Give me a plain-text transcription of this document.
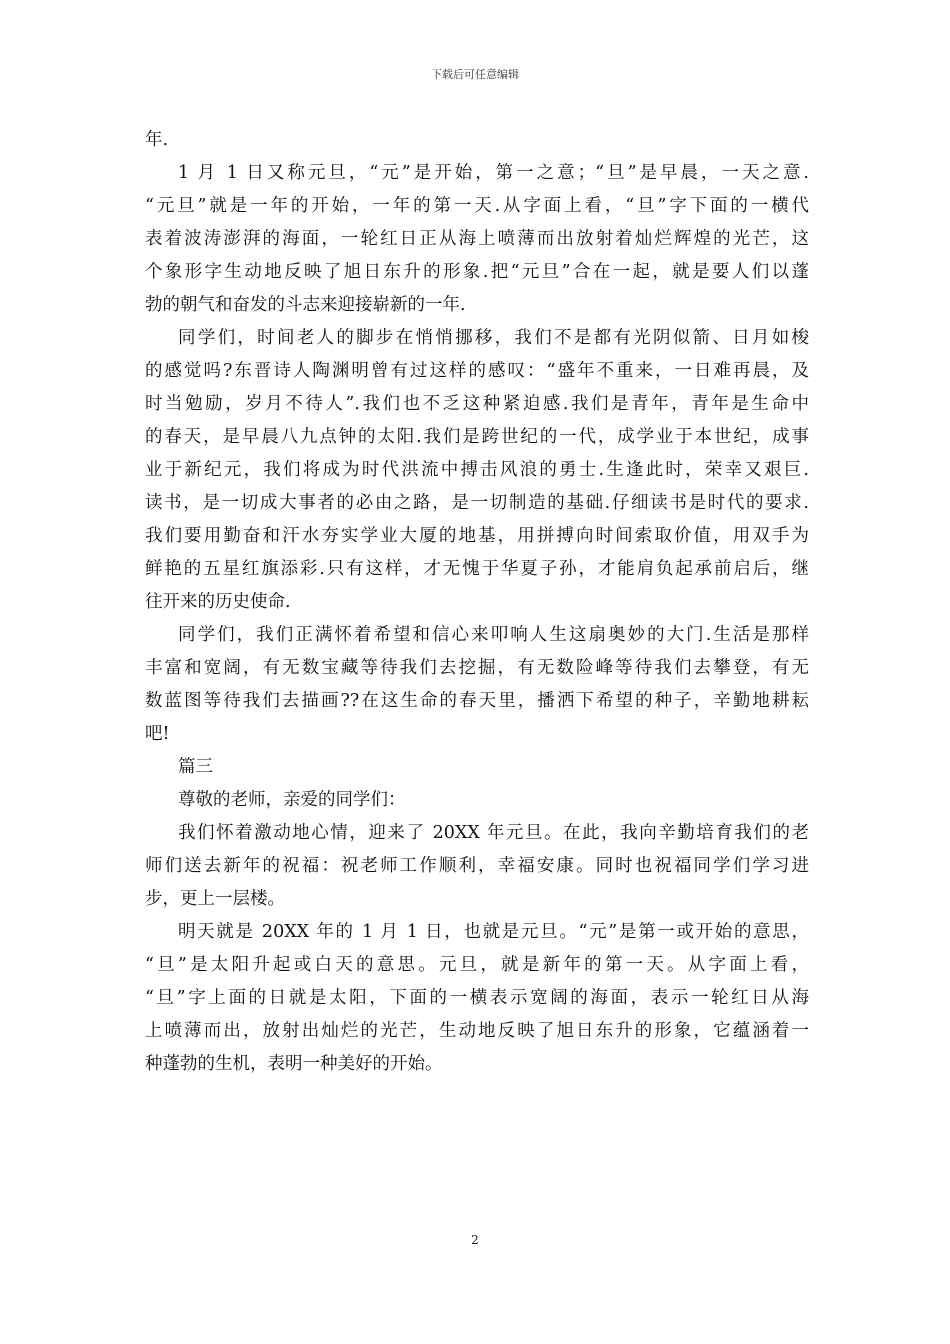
下载后可任意编辑
年.
1 月 1 日又称元旦，“元”是开始，第一之意；“旦”是早晨，一天之意.
“元旦”就是一年的开始，一年的第一天.从字面上看，“旦”字下面的一横代
表着波涛澎湃的海面，一轮红日正从海上喷薄而出放射着灿烂辉煌的光芒，这
个象形字生动地反映了旭日东升的形象.把“元旦”合在一起，就是要人们以蓬
勃的朝气和奋发的斗志来迎接崭新的一年.
同学们，时间老人的脚步在悄悄挪移，我们不是都有光阴似箭、日月如梭
的感觉吗?东晋诗人陶渊明曾有过这样的感叹：“盛年不重来，一日难再晨，及
时当勉励，岁月不待人”.我们也不乏这种紧迫感.我们是青年，青年是生命中
的春天，是早晨八九点钟的太阳.我们是跨世纪的一代，成学业于本世纪，成事
业于新纪元，我们将成为时代洪流中搏击风浪的勇士.生逢此时，荣幸又艰巨.
读书，是一切成大事者的必由之路，是一切制造的基础.仔细读书是时代的要求.
我们要用勤奋和汗水夯实学业大厦的地基，用拼搏向时间索取价值，用双手为
鲜艳的五星红旗添彩.只有这样，才无愧于华夏子孙，才能肩负起承前启后，继
往开来的历史使命.
同学们，我们正满怀着希望和信心来叩响人生这扇奥妙的大门.生活是那样
丰富和宽阔，有无数宝藏等待我们去挖掘，有无数险峰等待我们去攀登，有无
数蓝图等待我们去描画??在这生命的春天里，播洒下希望的种子，辛勤地耕耘
吧!
篇三
尊敬的老师，亲爱的同学们：
我们怀着激动地心情，迎来了 20XX 年元旦。在此，我向辛勤培育我们的老
师们送去新年的祝福：祝老师工作顺利，幸福安康。同时也祝福同学们学习进
步，更上一层楼。
明天就是 20XX 年的 1 月 1 日，也就是元旦。“元”是第一或开始的意思，
“旦”是太阳升起或白天的意思。元旦，就是新年的第一天。从字面上看，
“旦”字上面的日就是太阳，下面的一横表示宽阔的海面，表示一轮红日从海
上喷薄而出，放射出灿烂的光芒，生动地反映了旭日东升的形象，它蕴涵着一
种蓬勃的生机，表明一种美好的开始。
2
